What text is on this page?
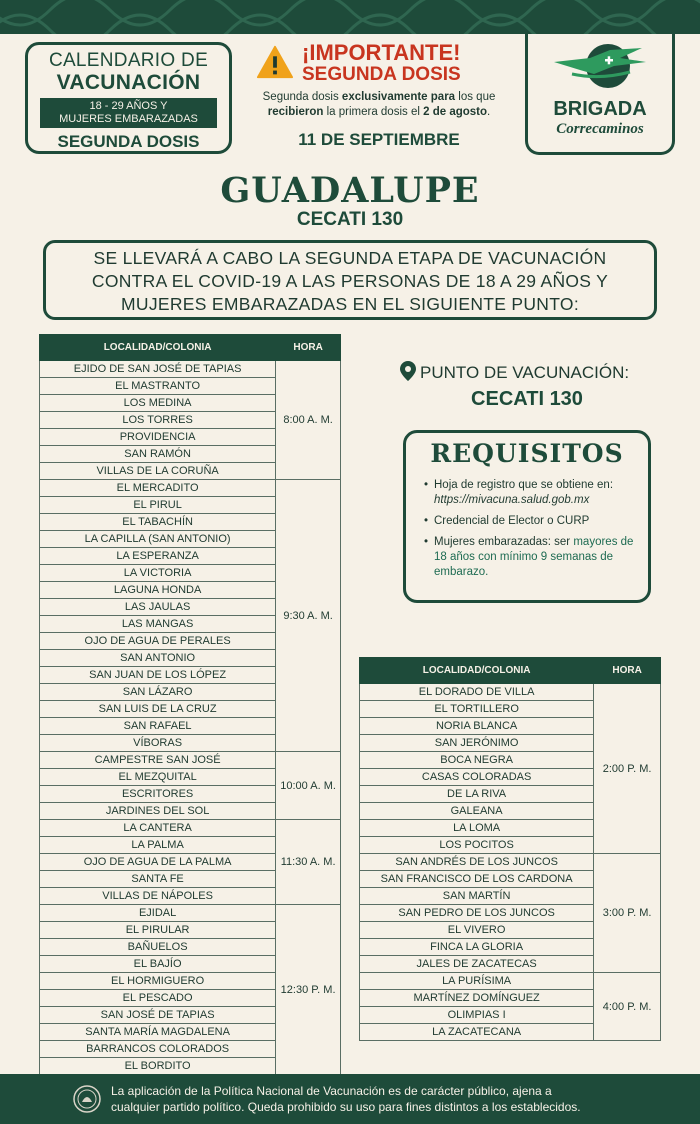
CALENDARIO DE
VACUNACIÓN
18 - 29 AÑOS Y
MUJERES EMBARAZADAS
SEGUNDA DOSIS
¡IMPORTANTE!
SEGUNDA DOSIS
Segunda dosis exclusivamente para los que
recibieron la primera dosis el 2 de agosto.
11 DE SEPTIEMBRE
BRIGADA
Correcaminos
GUADALUPE
CECATI 130
SE LLEVARÁ A CABO LA SEGUNDA ETAPA DE VACUNACIÓN
CONTRA EL COVID-19 A LAS PERSONAS DE 18 A 29 AÑOS Y
MUJERES EMBARAZADAS EN EL SIGUIENTE PUNTO:
LOCALIDAD/COLONIA	HORA
EJIDO DE SAN JOSÉ DE TAPIAS	8:00 A. M.
EL MASTRANTO	
LOS MEDINA	
LOS TORRES	
PROVIDENCIA	
SAN RAMÓN	
VILLAS DE LA CORUÑA	
EL MERCADITO	9:30 A. M.
EL PIRUL	
EL TABACHÍN	
LA CAPILLA (SAN ANTONIO)	
LA ESPERANZA	
LA VICTORIA	
LAGUNA HONDA	
LAS JAULAS	
LAS MANGAS	
OJO DE AGUA DE PERALES	
SAN ANTONIO	
SAN JUAN DE LOS LÓPEZ	
SAN LÁZARO	
SAN LUIS DE LA CRUZ	
SAN RAFAEL	
VÍBORAS	
CAMPESTRE SAN JOSÉ	10:00 A. M.
EL MEZQUITAL	
ESCRITORES	
JARDINES DEL SOL	
LA CANTERA	11:30 A. M.
LA PALMA	
OJO DE AGUA DE LA PALMA	
SANTA FE	
VILLAS DE NÁPOLES	
EJIDAL	12:30 P. M.
EL PIRULAR	
BAÑUELOS	
EL BAJÍO	
EL HORMIGUERO	
EL PESCADO	
SAN JOSÉ DE TAPIAS	
SANTA MARÍA MAGDALENA	
BARRANCOS COLORADOS	
EL BORDITO	
PUNTO DE VACUNACIÓN:
CECATI 130
REQUISITOS
• Hoja de registro que se obtiene en: https://mivacuna.salud.gob.mx
• Credencial de Elector o CURP
• Mujeres embarazadas: ser mayores de 18 años con mínimo 9 semanas de embarazo.
LOCALIDAD/COLONIA	HORA
EL DORADO DE VILLA	2:00 P. M.
EL TORTILLERO	
NORIA BLANCA	
SAN JERÓNIMO	
BOCA NEGRA	
CASAS COLORADAS	
DE LA RIVA	
GALEANA	
LA LOMA	
LOS POCITOS	
SAN ANDRÉS DE LOS JUNCOS	3:00 P. M.
SAN FRANCISCO DE LOS CARDONA	
SAN MARTÍN	
SAN PEDRO DE LOS JUNCOS	
EL VIVERO	
FINCA LA GLORIA	
JALES DE ZACATECAS	
LA PURÍSIMA	4:00 P. M.
MARTÍNEZ DOMÍNGUEZ	
OLIMPIAS I	
LA ZACATECANA	
La aplicación de la Política Nacional de Vacunación es de carácter público, ajena a
cualquier partido político. Queda prohibido su uso para fines distintos a los establecidos.
